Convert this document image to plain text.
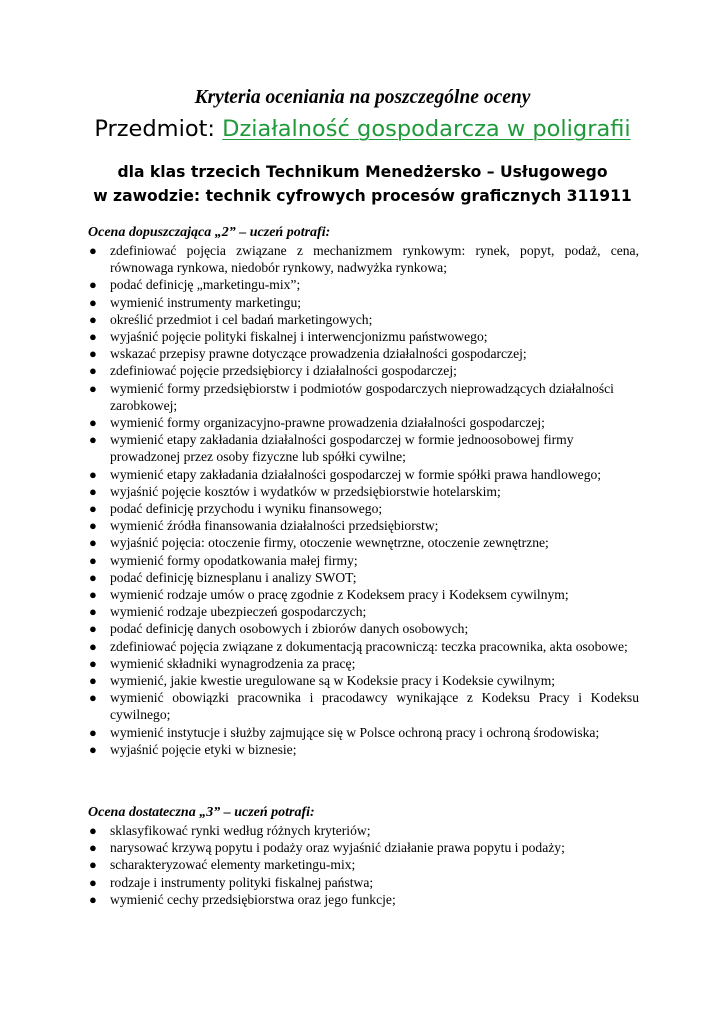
Kryteria oceniania na poszczególne oceny
Przedmiot: Działalność gospodarcza w poligrafii
dla klas trzecich Technikum Menedżersko – Usługowego
w zawodzie: technik cyfrowych procesów graficznych 311911
Ocena dopuszczająca „2” – uczeń potrafi:
● zdefiniować pojęcia związane z mechanizmem rynkowym: rynek, popyt, podaż, cena, równowaga rynkowa, niedobór rynkowy, nadwyżka rynkowa;
● podać definicję „marketingu-mix”;
● wymienić instrumenty marketingu;
● określić przedmiot i cel badań marketingowych;
● wyjaśnić pojęcie polityki fiskalnej i interwencjonizmu państwowego;
● wskazać przepisy prawne dotyczące prowadzenia działalności gospodarczej;
● zdefiniować pojęcie przedsiębiorcy i działalności gospodarczej;
● wymienić formy przedsiębiorstw i podmiotów gospodarczych nieprowadzących działalności zarobkowej;
● wymienić formy organizacyjno-prawne prowadzenia działalności gospodarczej;
● wymienić etapy zakładania działalności gospodarczej w formie jednoosobowej firmy prowadzonej przez osoby fizyczne lub spółki cywilne;
● wymienić etapy zakładania działalności gospodarczej w formie spółki prawa handlowego;
● wyjaśnić pojęcie kosztów i wydatków w przedsiębiorstwie hotelarskim;
● podać definicję przychodu i wyniku finansowego;
● wymienić źródła finansowania działalności przedsiębiorstw;
● wyjaśnić pojęcia: otoczenie firmy, otoczenie wewnętrzne, otoczenie zewnętrzne;
● wymienić formy opodatkowania małej firmy;
● podać definicję biznesplanu i analizy SWOT;
● wymienić rodzaje umów o pracę zgodnie z Kodeksem pracy i Kodeksem cywilnym;
● wymienić rodzaje ubezpieczeń gospodarczych;
● podać definicję danych osobowych i zbiorów danych osobowych;
● zdefiniować pojęcia związane z dokumentacją pracowniczą: teczka pracownika, akta osobowe;
● wymienić składniki wynagrodzenia za pracę;
● wymienić, jakie kwestie uregulowane są w Kodeksie pracy i Kodeksie cywilnym;
● wymienić obowiązki pracownika i pracodawcy wynikające z Kodeksu Pracy i Kodeksu cywilnego;
● wymienić instytucje i służby zajmujące się w Polsce ochroną pracy i ochroną środowiska;
● wyjaśnić pojęcie etyki w biznesie;
Ocena dostateczna „3” – uczeń potrafi:
● sklasyfikować rynki według różnych kryteriów;
● narysować krzywą popytu i podaży oraz wyjaśnić działanie prawa popytu i podaży;
● scharakteryzować elementy marketingu-mix;
● rodzaje i instrumenty polityki fiskalnej państwa;
● wymienić cechy przedsiębiorstwa oraz jego funkcje;
